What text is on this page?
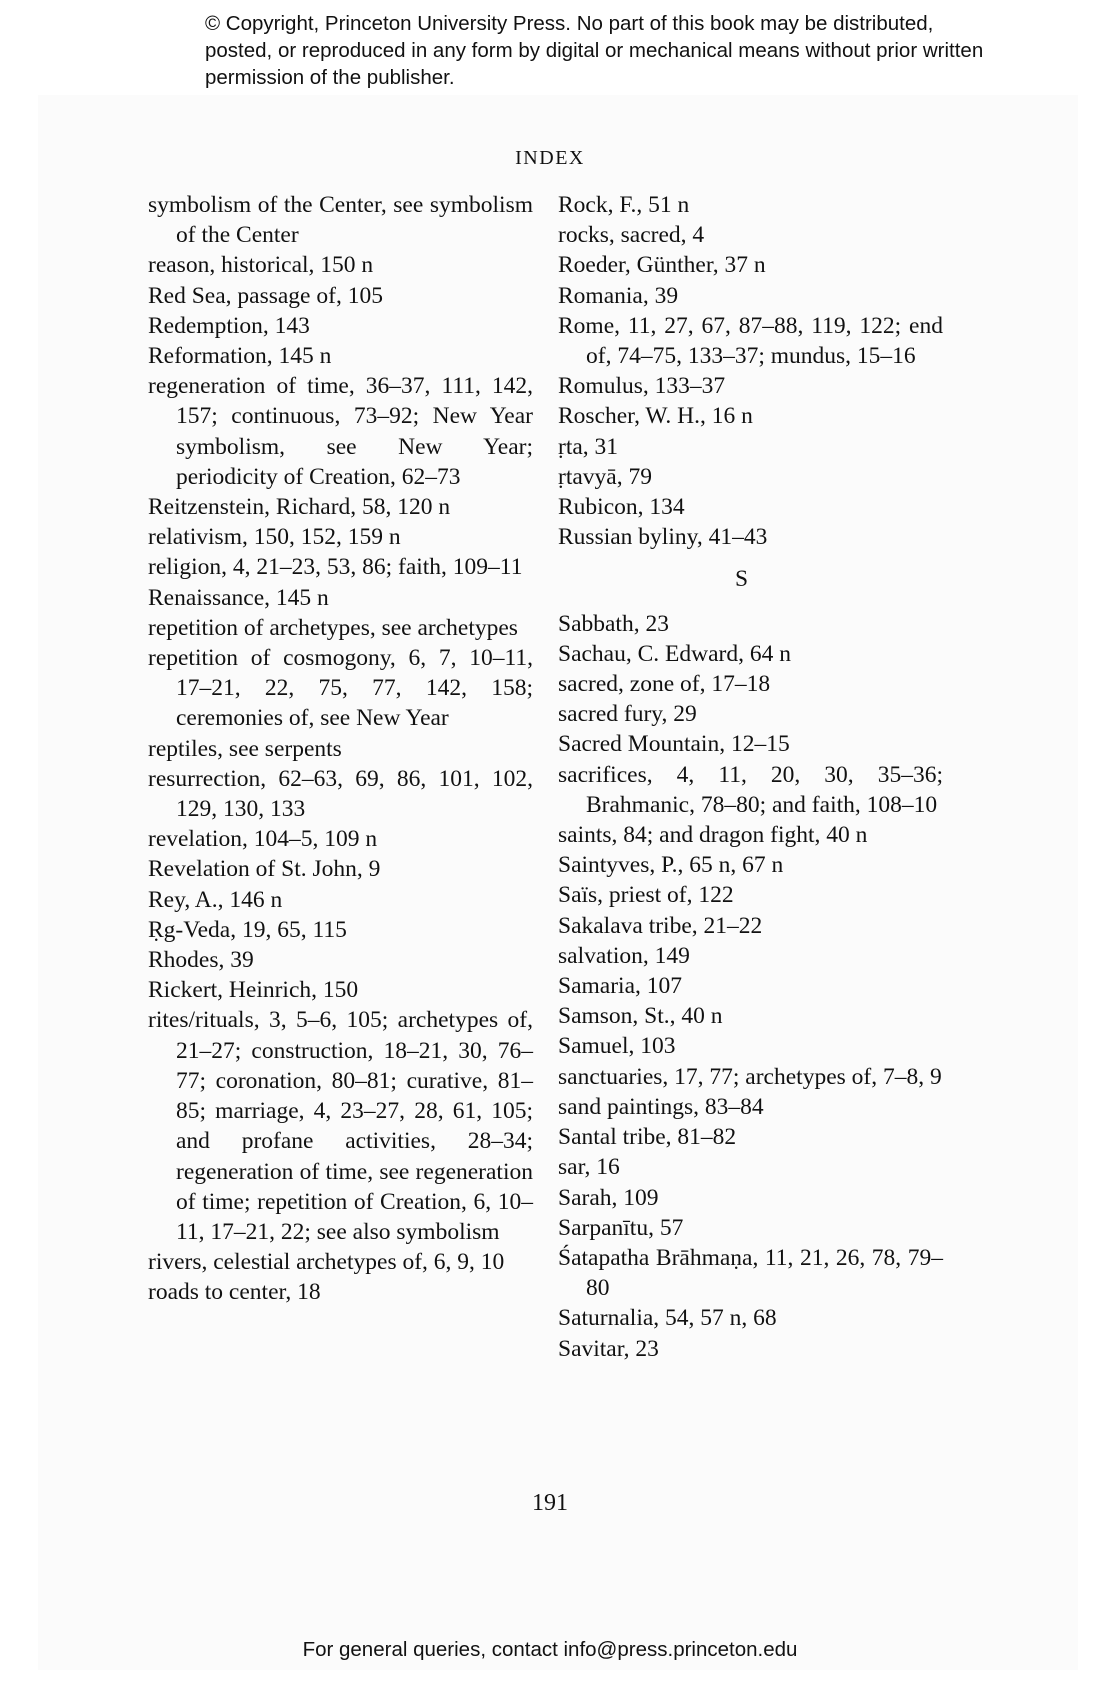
© Copyright, Princeton University Press. No part of this book may be distributed, posted, or reproduced in any form by digital or mechanical means without prior written permission of the publisher.
INDEX
symbolism of the Center, see symbolism of the Center
reason, historical, 150 n
Red Sea, passage of, 105
Redemption, 143
Reformation, 145 n
regeneration of time, 36–37, 111, 142, 157; continuous, 73–92; New Year symbolism, see New Year; periodicity of Creation, 62–73
Reitzenstein, Richard, 58, 120 n
relativism, 150, 152, 159 n
religion, 4, 21–23, 53, 86; faith, 109–11
Renaissance, 145 n
repetition of archetypes, see archetypes
repetition of cosmogony, 6, 7, 10–11, 17–21, 22, 75, 77, 142, 158; ceremonies of, see New Year
reptiles, see serpents
resurrection, 62–63, 69, 86, 101, 102, 129, 130, 133
revelation, 104–5, 109 n
Revelation of St. John, 9
Rey, A., 146 n
Ṛg-Veda, 19, 65, 115
Rhodes, 39
Rickert, Heinrich, 150
rites/rituals, 3, 5–6, 105; archetypes of, 21–27; construction, 18–21, 30, 76–77; coronation, 80–81; curative, 81–85; marriage, 4, 23–27, 28, 61, 105; and profane activities, 28–34; regeneration of time, see regeneration of time; repetition of Creation, 6, 10–11, 17–21, 22; see also symbolism
rivers, celestial archetypes of, 6, 9, 10
roads to center, 18
Rock, F., 51 n
rocks, sacred, 4
Roeder, Günther, 37 n
Romania, 39
Rome, 11, 27, 67, 87–88, 119, 122; end of, 74–75, 133–37; mundus, 15–16
Romulus, 133–37
Roscher, W. H., 16 n
ṛta, 31
ṛtavyā, 79
Rubicon, 134
Russian byliny, 41–43
S
Sabbath, 23
Sachau, C. Edward, 64 n
sacred, zone of, 17–18
sacred fury, 29
Sacred Mountain, 12–15
sacrifices, 4, 11, 20, 30, 35–36; Brahmanic, 78–80; and faith, 108–10
saints, 84; and dragon fight, 40 n
Saintyves, P., 65 n, 67 n
Saïs, priest of, 122
Sakalava tribe, 21–22
salvation, 149
Samaria, 107
Samson, St., 40 n
Samuel, 103
sanctuaries, 17, 77; archetypes of, 7–8, 9
sand paintings, 83–84
Santal tribe, 81–82
sar, 16
Sarah, 109
Sarpanītu, 57
Śatapatha Brāhmaṇa, 11, 21, 26, 78, 79–80
Saturnalia, 54, 57 n, 68
Savitar, 23
191
For general queries, contact info@press.princeton.edu
